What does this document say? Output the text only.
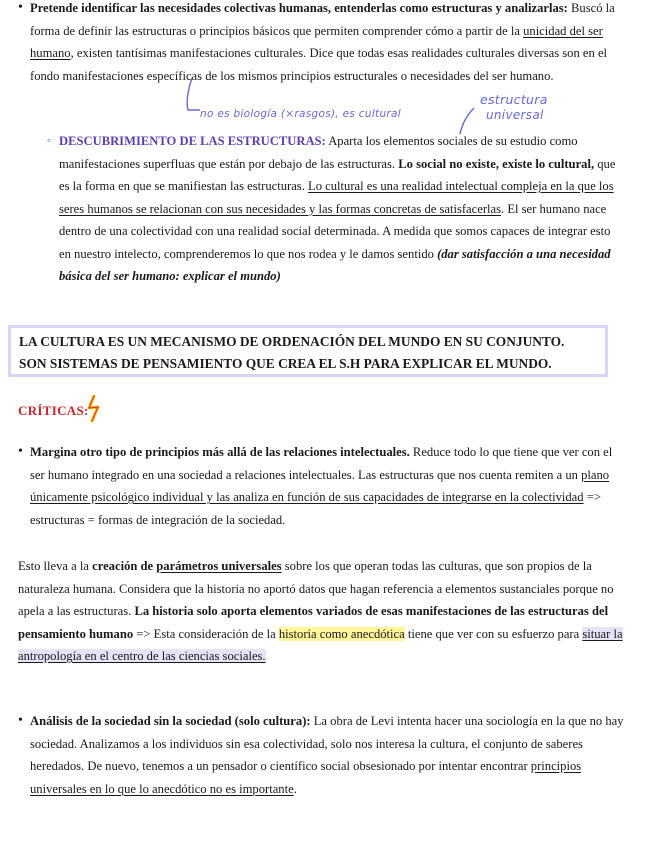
• Pretende identificar las necesidades colectivas humanas, entenderlas como estructuras y analizarlas: Buscó la forma de definir las estructuras o principios básicos que permiten comprender cómo a partir de la unicidad del ser humano, existen tantísimas manifestaciones culturales. Dice que todas esas realidades culturales diversas son en el fondo manifestaciones específicas de los mismos principios estructurales o necesidades del ser humano.
no es biología (×rasgos), es cultural
estructura
universal
◦ DESCUBRIMIENTO DE LAS ESTRUCTURAS: Aparta los elementos sociales de su estudio como manifestaciones superfluas que están por debajo de las estructuras. Lo social no existe, existe lo cultural, que es la forma en que se manifiestan las estructuras. Lo cultural es una realidad intelectual compleja en la que los seres humanos se relacionan con sus necesidades y las formas concretas de satisfacerlas. El ser humano nace dentro de una colectividad con una realidad social determinada. A medida que somos capaces de integrar esto en nuestro intelecto, comprenderemos lo que nos rodea y le damos sentido (dar satisfacción a una necesidad básica del ser humano: explicar el mundo)
LA CULTURA ES UN MECANISMO DE ORDENACIÓN DEL MUNDO EN SU CONJUNTO.
SON SISTEMAS DE PENSAMIENTO QUE CREA EL S.H PARA EXPLICAR EL MUNDO.
CRÍTICAS:
• Margina otro tipo de principios más allá de las relaciones intelectuales. Reduce todo lo que tiene que ver con el ser humano integrado en una sociedad a relaciones intelectuales. Las estructuras que nos cuenta remiten a un plano únicamente psicológico individual y las analiza en función de sus capacidades de integrarse en la colectividad => estructuras = formas de integración de la sociedad.
Esto lleva a la creación de parámetros universales sobre los que operan todas las culturas, que son propios de la naturaleza humana. Considera que la historia no aportó datos que hagan referencia a elementos sustanciales porque no apela a las estructuras. La historia solo aporta elementos variados de esas manifestaciones de las estructuras del pensamiento humano => Esta consideración de la historia como anecdótica tiene que ver con su esfuerzo para situar la antropología en el centro de las ciencias sociales.
• Análisis de la sociedad sin la sociedad (solo cultura): La obra de Levi intenta hacer una sociología en la que no hay sociedad. Analizamos a los individuos sin esa colectividad, solo nos interesa la cultura, el conjunto de saberes heredados. De nuevo, tenemos a un pensador o científico social obsesionado por intentar encontrar principios universales en lo que lo anecdótico no es importante.
